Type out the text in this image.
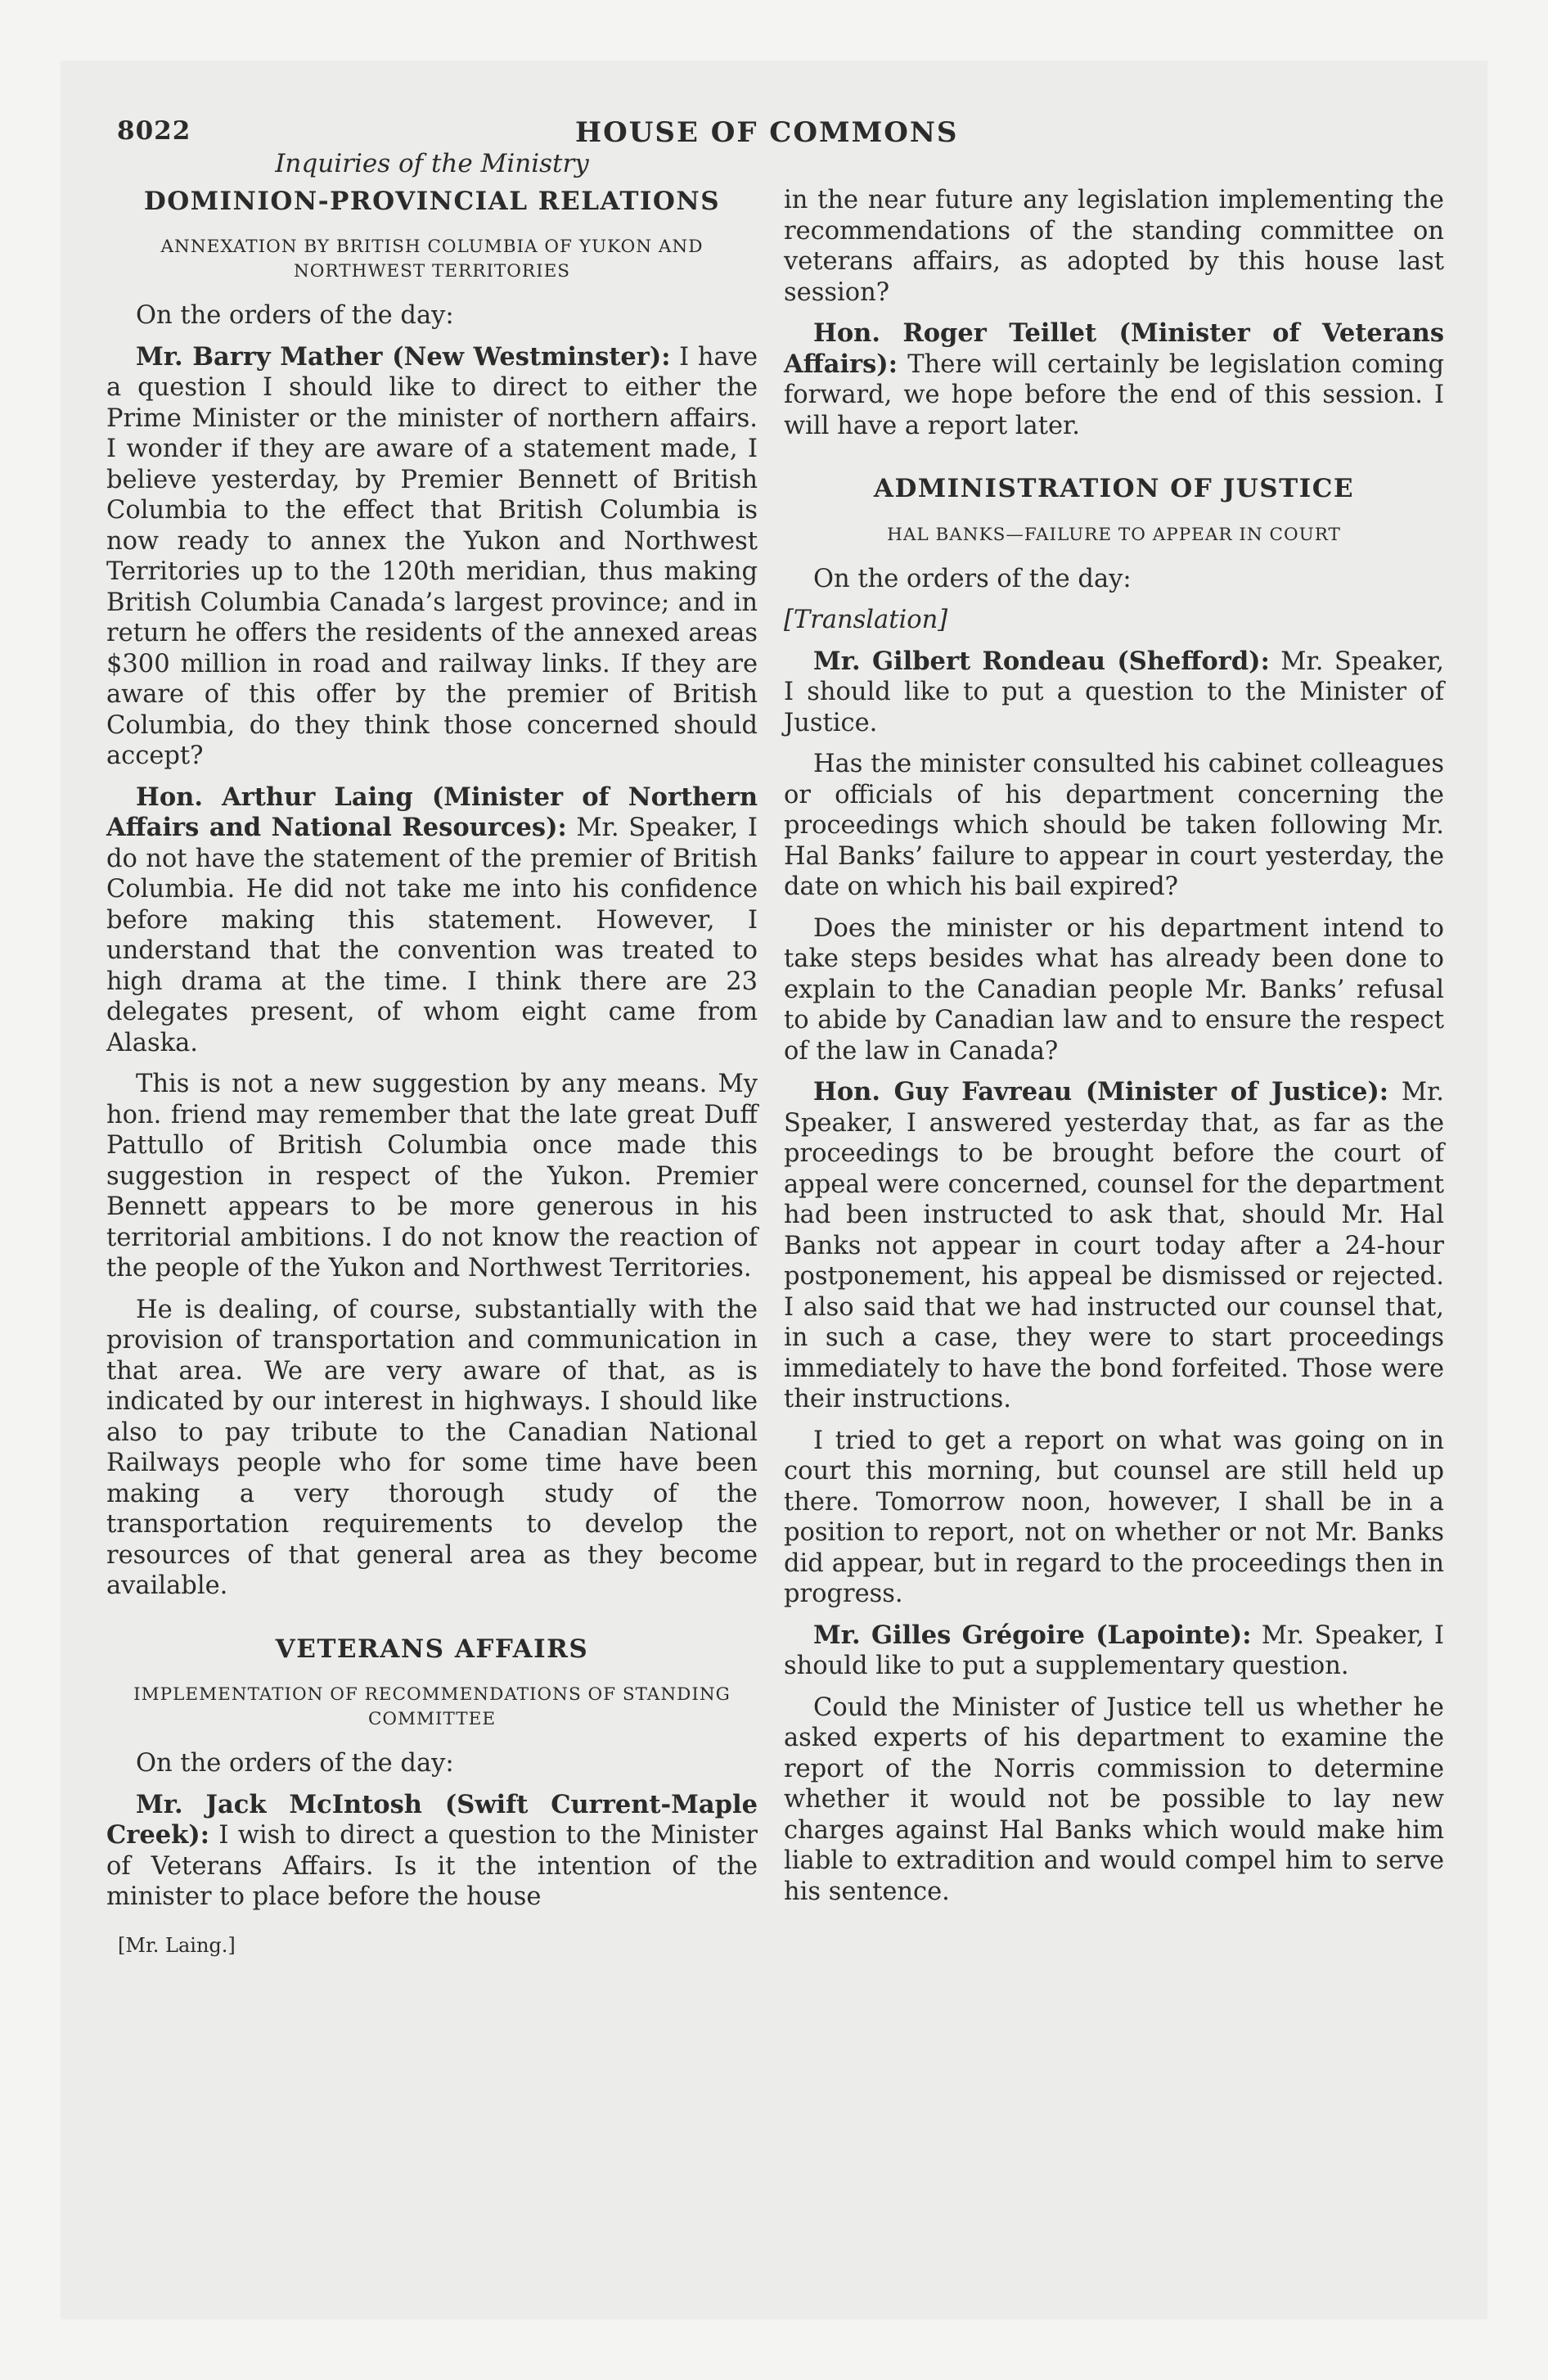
8022	HOUSE OF COMMONS
Inquiries of the Ministry
DOMINION-PROVINCIAL RELATIONS
ANNEXATION BY BRITISH COLUMBIA OF YUKON AND NORTHWEST TERRITORIES

On the orders of the day:

Mr. Barry Mather (New Westminster): I have a question I should like to direct to either the Prime Minister or the minister of northern affairs. I wonder if they are aware of a statement made, I believe yesterday, by Premier Bennett of British Columbia to the effect that British Columbia is now ready to annex the Yukon and Northwest Territories up to the 120th meridian, thus making British Columbia Canada’s largest province; and in return he offers the residents of the annexed areas $300 million in road and railway links. If they are aware of this offer by the premier of British Columbia, do they think those concerned should accept?

Hon. Arthur Laing (Minister of Northern Affairs and National Resources): Mr. Speaker, I do not have the statement of the premier of British Columbia. He did not take me into his confidence before making this statement. However, I understand that the convention was treated to high drama at the time. I think there are 23 delegates present, of whom eight came from Alaska.

This is not a new suggestion by any means. My hon. friend may remember that the late great Duff Pattullo of British Columbia once made this suggestion in respect of the Yukon. Premier Bennett appears to be more generous in his territorial ambitions. I do not know the reaction of the people of the Yukon and Northwest Territories.

He is dealing, of course, substantially with the provision of transportation and communication in that area. We are very aware of that, as is indicated by our interest in highways. I should like also to pay tribute to the Canadian National Railways people who for some time have been making a very thorough study of the transportation requirements to develop the resources of that general area as they become available.

VETERANS AFFAIRS
IMPLEMENTATION OF RECOMMENDATIONS OF STANDING COMMITTEE

On the orders of the day:

Mr. Jack McIntosh (Swift Current-Maple Creek): I wish to direct a question to the Minister of Veterans Affairs. Is it the intention of the minister to place before the house

[Mr. Laing.]

in the near future any legislation implementing the recommendations of the standing committee on veterans affairs, as adopted by this house last session?

Hon. Roger Teillet (Minister of Veterans Affairs): There will certainly be legislation coming forward, we hope before the end of this session. I will have a report later.

ADMINISTRATION OF JUSTICE
HAL BANKS—FAILURE TO APPEAR IN COURT

On the orders of the day:

[Translation]

Mr. Gilbert Rondeau (Shefford): Mr. Speaker, I should like to put a question to the Minister of Justice.

Has the minister consulted his cabinet colleagues or officials of his department concerning the proceedings which should be taken following Mr. Hal Banks’ failure to appear in court yesterday, the date on which his bail expired?

Does the minister or his department intend to take steps besides what has already been done to explain to the Canadian people Mr. Banks’ refusal to abide by Canadian law and to ensure the respect of the law in Canada?

Hon. Guy Favreau (Minister of Justice): Mr. Speaker, I answered yesterday that, as far as the proceedings to be brought before the court of appeal were concerned, counsel for the department had been instructed to ask that, should Mr. Hal Banks not appear in court today after a 24-hour postponement, his appeal be dismissed or rejected. I also said that we had instructed our counsel that, in such a case, they were to start proceedings immediately to have the bond forfeited. Those were their instructions.

I tried to get a report on what was going on in court this morning, but counsel are still held up there. Tomorrow noon, however, I shall be in a position to report, not on whether or not Mr. Banks did appear, but in regard to the proceedings then in progress.

Mr. Gilles Grégoire (Lapointe): Mr. Speaker, I should like to put a supplementary question.

Could the Minister of Justice tell us whether he asked experts of his department to examine the report of the Norris commission to determine whether it would not be possible to lay new charges against Hal Banks which would make him liable to extradition and would compel him to serve his sentence.
